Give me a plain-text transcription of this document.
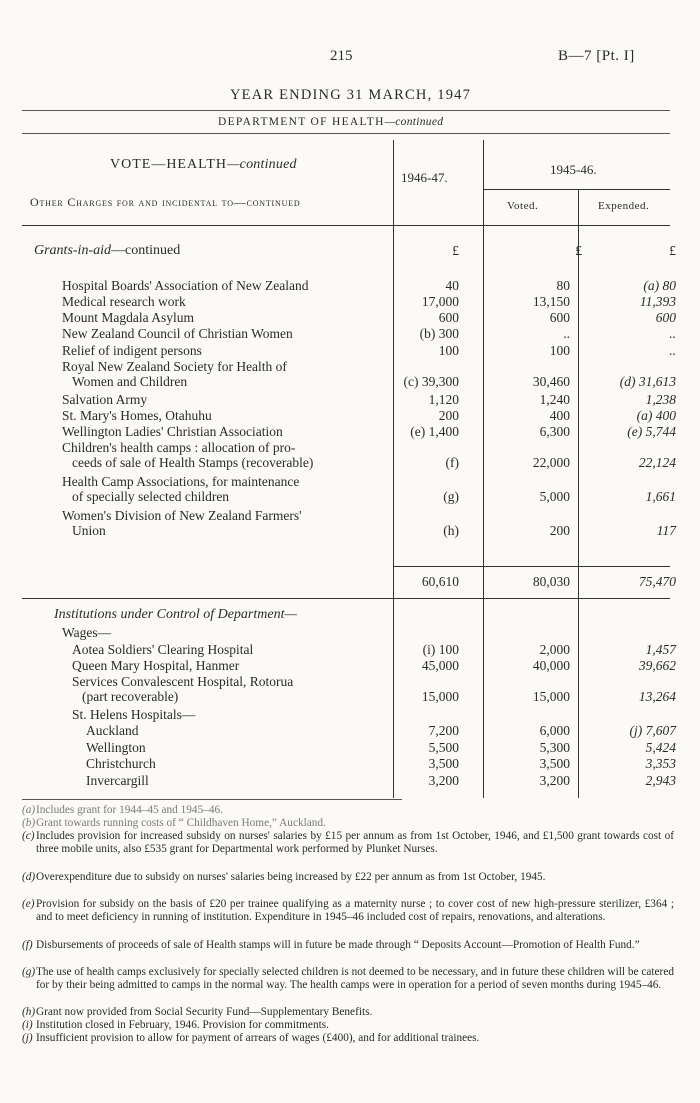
215	B—7 [Pt. I]
YEAR ENDING 31 MARCH, 1947
DEPARTMENT OF HEALTH—continued
VOTE—HEALTH—continued
Other Charges for and incidental to—continued
1946-47.
1945-46.
Voted.	Expended.
Grants-in-aid—continued	£	£	£
Hospital Boards' Association of New Zealand	40	80	(a) 80
Medical research work	17,000	13,150	11,393
Mount Magdala Asylum	600	600	600
New Zealand Council of Christian Women	(b) 300	..	..
Relief of indigent persons	100	100	..
Royal New Zealand Society for Health of
Women and Children	(c) 39,300	30,460	(d) 31,613
Salvation Army	1,120	1,240	1,238
St. Mary's Homes, Otahuhu	200	400	(a) 400
Wellington Ladies' Christian Association	(e) 1,400	6,300	(e) 5,744
Children's health camps : allocation of pro-
ceeds of sale of Health Stamps (recoverable)	(f)	22,000	22,124
Health Camp Associations, for maintenance
of specially selected children	(g)	5,000	1,661
Women's Division of New Zealand Farmers'
Union	(h)	200	117
60,610	80,030	75,470
Institutions under Control of Department—
Wages—
Aotea Soldiers' Clearing Hospital	(i) 100	2,000	1,457
Queen Mary Hospital, Hanmer	45,000	40,000	39,662
Services Convalescent Hospital, Rotorua
(part recoverable)	15,000	15,000	13,264
St. Helens Hospitals—
Auckland	7,200	6,000	(j) 7,607
Wellington	5,500	5,300	5,424
Christchurch	3,500	3,500	3,353
Invercargill	3,200	3,200	2,943
(a)Includes grant for 1944–45 and 1945–46.
(b)Grant towards running costs of “ Childhaven Home,” Auckland.
(c)Includes provision for increased subsidy on nurses' salaries by £15 per annum as from 1st October, 1946, and £1,500 grant towards cost of three mobile units, also £535 grant for Departmental work performed by Plunket Nurses.
(d)Overexpenditure due to subsidy on nurses' salaries being increased by £22 per annum as from 1st October, 1945.
(e)Provision for subsidy on the basis of £20 per trainee qualifying as a maternity nurse ; to cover cost of new high-pressure sterilizer, £364 ; and to meet deficiency in running of institution. Expenditure in 1945–46 included cost of repairs, renovations, and alterations.
(f) Disbursements of proceeds of sale of Health stamps will in future be made through “ Deposits Account—Promotion of Health Fund.”
(g)The use of health camps exclusively for specially selected children is not deemed to be necessary, and in future these children will be catered for by their being admitted to camps in the normal way. The health camps were in operation for a period of seven months during 1945–46.
(h)Grant now provided from Social Security Fund—Supplementary Benefits.
(i) Institution closed in February, 1946. Provision for commitments.
(j) Insufficient provision to allow for payment of arrears of wages (£400), and for additional trainees.
